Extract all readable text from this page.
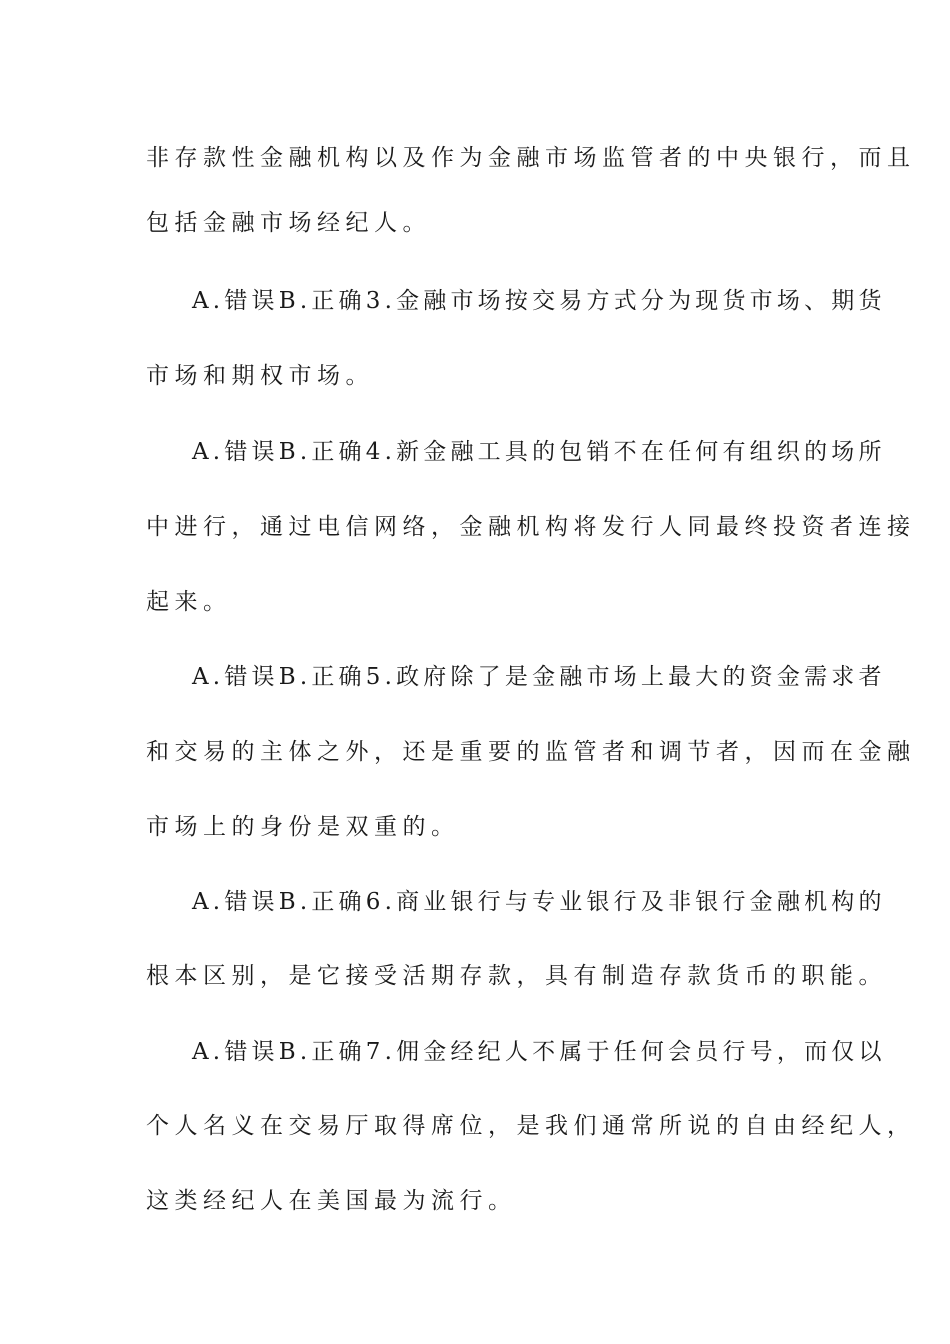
非存款性金融机构以及作为金融市场监管者的中央银行，而且
包括金融市场经纪人。
A.错误B.正确3.金融市场按交易方式分为现货市场、期货
市场和期权市场。
A.错误B.正确4.新金融工具的包销不在任何有组织的场所
中进行，通过电信网络，金融机构将发行人同最终投资者连接
起来。
A.错误B.正确5.政府除了是金融市场上最大的资金需求者
和交易的主体之外，还是重要的监管者和调节者，因而在金融
市场上的身份是双重的。
A.错误B.正确6.商业银行与专业银行及非银行金融机构的
根本区别，是它接受活期存款，具有制造存款货币的职能。
A.错误B.正确7.佣金经纪人不属于任何会员行号，而仅以
个人名义在交易厅取得席位，是我们通常所说的自由经纪人，
这类经纪人在美国最为流行。
